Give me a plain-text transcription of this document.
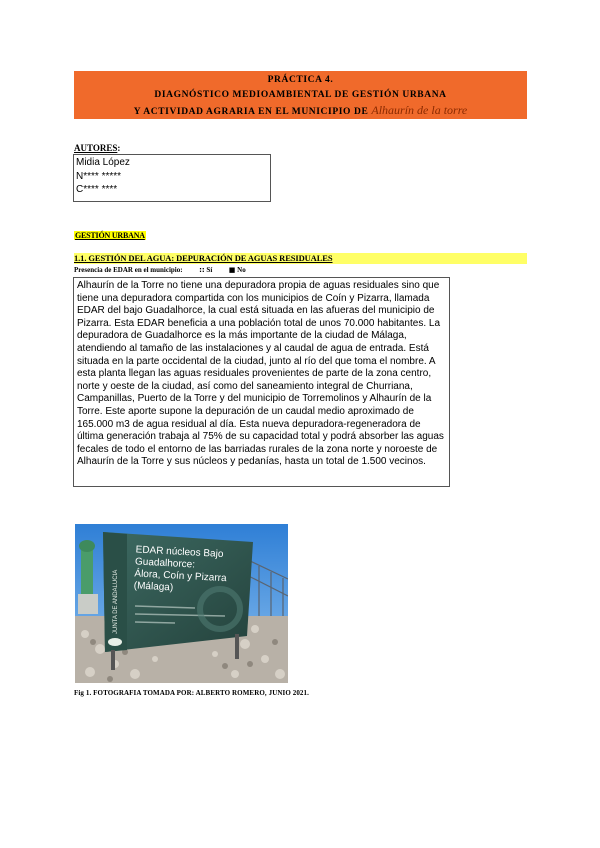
PRÁCTICA 4.
DIAGNÓSTICO MEDIOAMBIENTAL DE GESTIÓN URBANA
Y ACTIVIDAD AGRARIA EN EL MUNICIPIO DE Alhaurín de la torre
AUTORES:
Midia López
N**** *****
C**** ****
GESTIÓN URBANA
1.1. GESTIÓN DEL AGUA: DEPURACIÓN DE AGUAS RESIDUALES
Presencia de EDAR en el municipio: :: Sí ■ No
Alhaurín de la Torre no tiene una depuradora propia de aguas residuales sino que tiene una depuradora compartida con los municipios de Coín y Pizarra, llamada EDAR del bajo Guadalhorce, la cual está situada en las afueras del municipio de Pizarra. Esta EDAR beneficia a una población total de unos 70.000 habitantes. La depuradora de Guadalhorce es la más importante de la ciudad de Málaga, atendiendo al tamaño de las instalaciones y al caudal de agua de entrada. Está situada en la parte occidental de la ciudad, junto al río del que toma el nombre. A esta planta llegan las aguas residuales provenientes de parte de la zona centro, norte y oeste de la ciudad, así como del saneamiento integral de Churriana, Campanillas, Puerto de la Torre y del municipio de Torremolinos y Alhaurín de la Torre. Este aporte supone la depuración de un caudal medio aproximado de 165.000 m3 de agua residual al día. Esta nueva depuradora-regeneradora de última generación trabaja al 75% de su capacidad total y podrá absorber las aguas fecales de todo el entorno de las barriadas rurales de la zona norte y noroeste de Alhaurín de la Torre y sus núcleos y pedanías, hasta un total de 1.500 vecinos.
JUNTA DE ANDALUCIA
EDAR núcleos Bajo
Guadalhorce:
Álora, Coín y Pizarra
(Málaga)
Fig 1. FOTOGRAFIA TOMADA POR: ALBERTO ROMERO, JUNIO 2021.
